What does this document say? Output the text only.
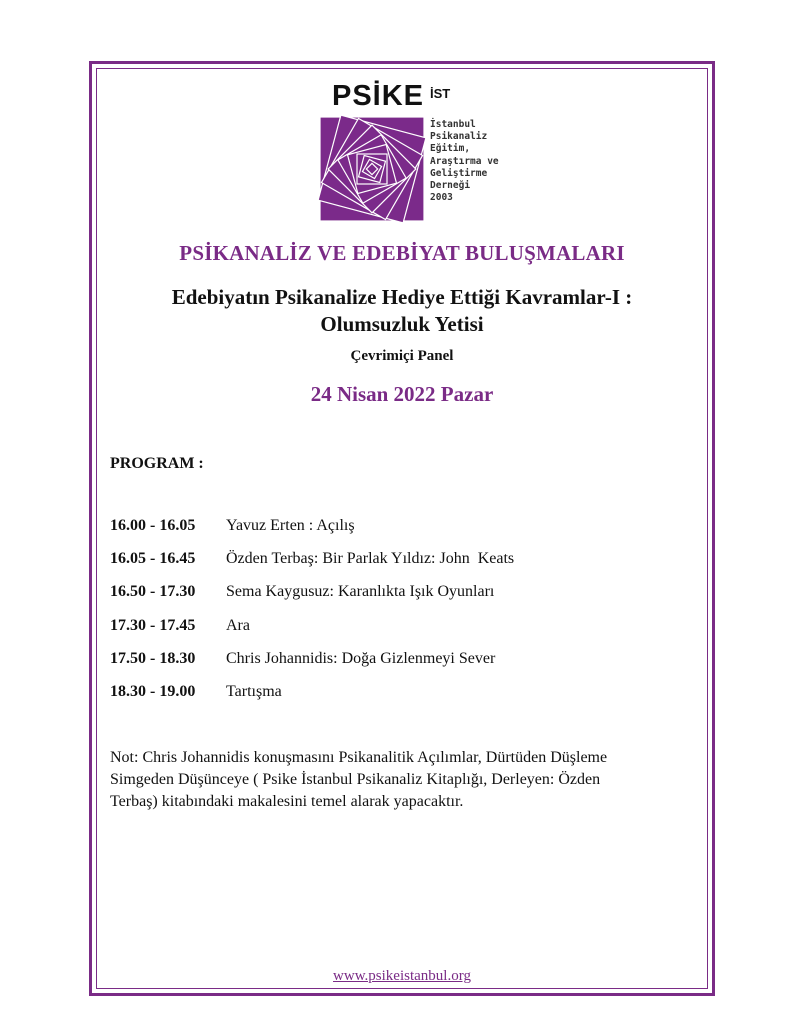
PSİKE İST
İstanbul
Psikanaliz
Eğitim,
Araştırma ve
Geliştirme
Derneği
2003
PSİKANALİZ VE EDEBİYAT BULUŞMALARI
Edebiyatın Psikanalize Hediye Ettiği Kavramlar-I :
Olumsuzluk Yetisi
Çevrimiçi Panel
24 Nisan 2022 Pazar
PROGRAM :
16.00 - 16.05	Yavuz Erten : Açılış
16.05 - 16.45	Özden Terbaş: Bir Parlak Yıldız: John  Keats
16.50 - 17.30	Sema Kaygusuz: Karanlıkta Işık Oyunları
17.30 - 17.45	Ara
17.50 - 18.30	Chris Johannidis: Doğa Gizlenmeyi Sever
18.30 - 19.00	Tartışma
Not: Chris Johannidis konuşmasını Psikanalitik Açılımlar, Dürtüden Düşleme
Simgeden Düşünceye ( Psike İstanbul Psikanaliz Kitaplığı, Derleyen: Özden
Terbaş) kitabındaki makalesini temel alarak yapacaktır.
www.psikeistanbul.org
